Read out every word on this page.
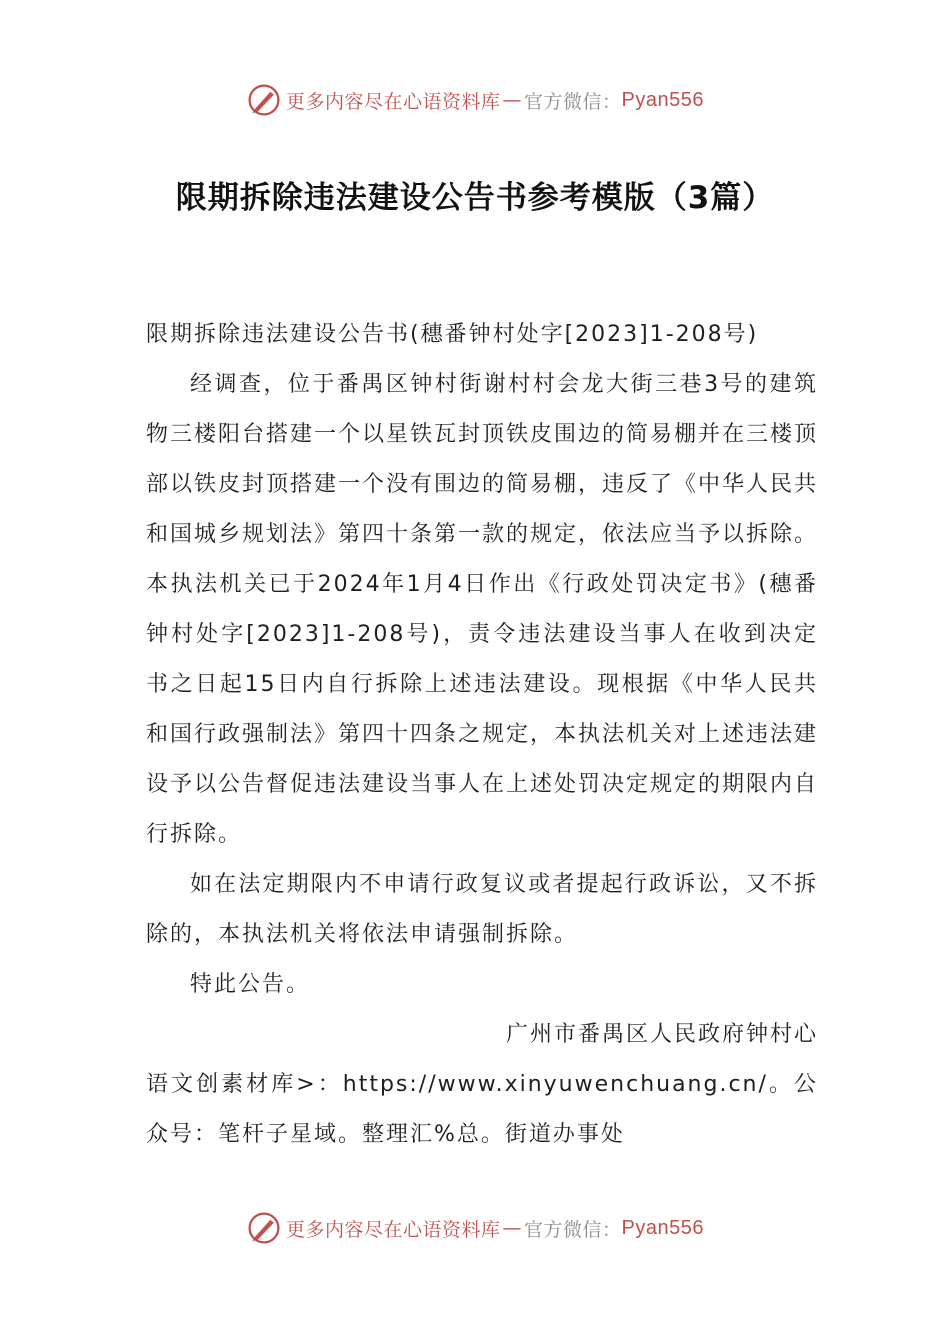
更多内容尽在心语资料库 — 官方微信： Pyan556
限期拆除违法建设公告书参考模版（3篇）

限期拆除违法建设公告书(穗番钟村处字[2023]1-208号)

经调查，位于番禺区钟村街谢村村会龙大街三巷3号的建筑物三楼阳台搭建一个以星铁瓦封顶铁皮围边的简易棚并在三楼顶部以铁皮封顶搭建一个没有围边的简易棚，违反了《中华人民共和国城乡规划法》第四十条第一款的规定，依法应当予以拆除。本执法机关已于2024年1月4日作出《行政处罚决定书》(穗番钟村处字[2023]1-208号)，责令违法建设当事人在收到决定书之日起15日内自行拆除上述违法建设。现根据《中华人民共和国行政强制法》第四十四条之规定，本执法机关对上述违法建设予以公告督促违法建设当事人在上述处罚决定规定的期限内自行拆除。

如在法定期限内不申请行政复议或者提起行政诉讼，又不拆除的，本执法机关将依法申请强制拆除。

特此公告。

广州市番禺区人民政府钟村心

语文创素材库>：https://www.xinyuwenchuang.cn/。公众号：笔杆子星域。整理汇%总。街道办事处

更多内容尽在心语资料库 — 官方微信： Pyan556
